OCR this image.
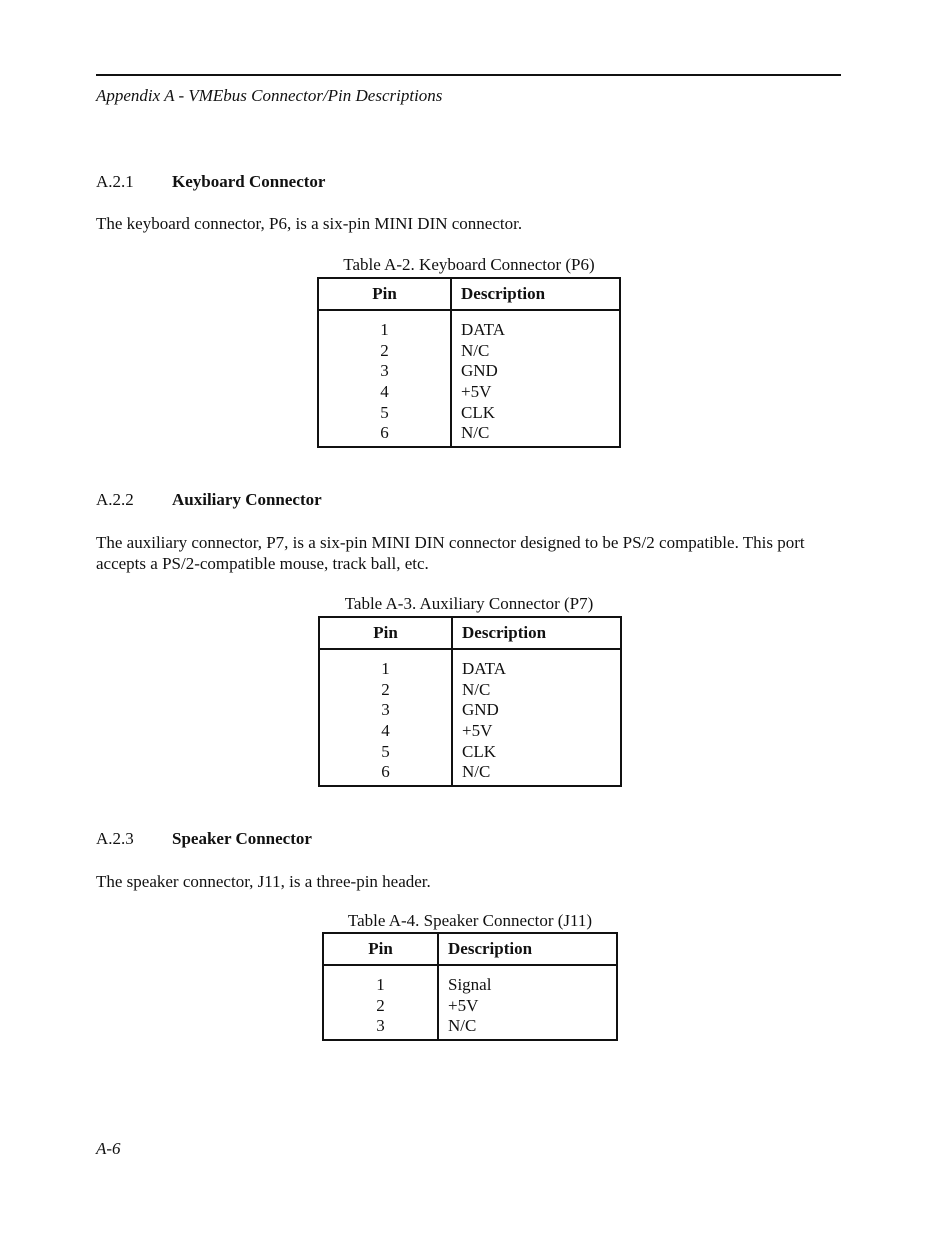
Appendix A - VMEbus Connector/Pin Descriptions
A.2.1 Keyboard Connector
The keyboard connector, P6, is a six-pin MINI DIN connector.
Table A-2. Keyboard Connector (P6)
Pin	Description
1	DATA
2	N/C
3	GND
4	+5V
5	CLK
6	N/C
A.2.2 Auxiliary Connector
The auxiliary connector, P7, is a six-pin MINI DIN connector designed to be PS/2 compatible. This port accepts a PS/2-compatible mouse, track ball, etc.
Table A-3. Auxiliary Connector (P7)
Pin	Description
1	DATA
2	N/C
3	GND
4	+5V
5	CLK
6	N/C
A.2.3 Speaker Connector
The speaker connector, J11, is a three-pin header.
Table A-4. Speaker Connector (J11)
Pin	Description
1	Signal
2	+5V
3	N/C
A-6
